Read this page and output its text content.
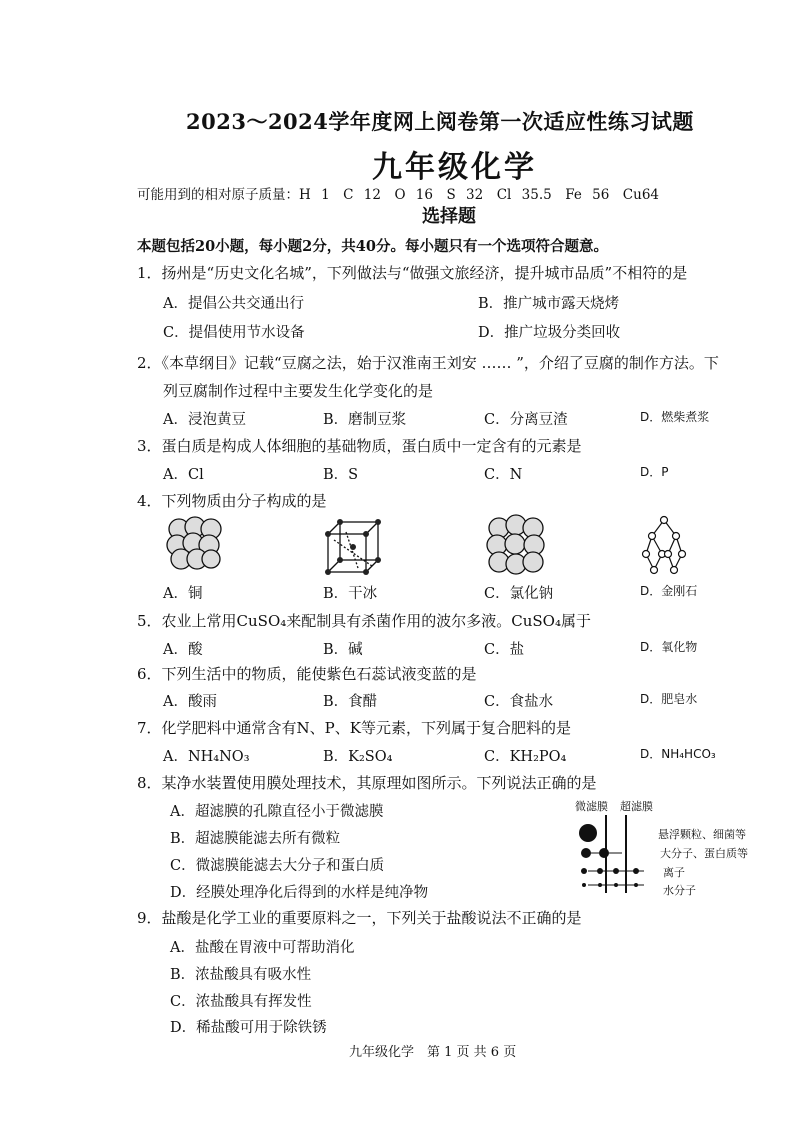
2023～2024学年度网上阅卷第一次适应性练习试题
九年级化学
可能用到的相对原子质量：H 1　C 12　O 16　S 32　Cl 35.5　Fe 56　Cu64
选择题
本题包括20小题，每小题2分，共40分。每小题只有一个选项符合题意。
1．扬州是“历史文化名城”，下列做法与“做强文旅经济，提升城市品质”不相符的是
A．提倡公共交通出行	B．推广城市露天烧烤
C．提倡使用节水设备	D．推广垃圾分类回收
2．《本草纲目》记载“豆腐之法，始于汉淮南王刘安 …… ”，介绍了豆腐的制作方法。下
列豆腐制作过程中主要发生化学变化的是
A．浸泡黄豆	B．磨制豆浆	C．分离豆渣	D．燃柴煮浆
3．蛋白质是构成人体细胞的基础物质，蛋白质中一定含有的元素是
A．Cl	B．S	C．N	D．P
4．下列物质由分子构成的是
A．铜	B．干冰	C．氯化钠	D．金刚石
5．农业上常用CuSO₄来配制具有杀菌作用的波尔多液。CuSO₄属于
A．酸	B．碱	C．盐	D．氧化物
6．下列生活中的物质，能使紫色石蕊试液变蓝的是
A．酸雨	B．食醋	C．食盐水	D．肥皂水
7．化学肥料中通常含有N、P、K等元素，下列属于复合肥料的是
A．NH₄NO₃	B．K₂SO₄	C．KH₂PO₄	D．NH₄HCO₃
8．某净水装置使用膜处理技术，其原理如图所示。下列说法正确的是
A．超滤膜的孔隙直径小于微滤膜
B．超滤膜能滤去所有微粒
C．微滤膜能滤去大分子和蛋白质
D．经膜处理净化后得到的水样是纯净物
微滤膜 超滤膜
悬浮颗粒、细菌等
大分子、蛋白质等
离子
水分子
9．盐酸是化学工业的重要原料之一，下列关于盐酸说法不正确的是
A．盐酸在胃液中可帮助消化
B．浓盐酸具有吸水性
C．浓盐酸具有挥发性
D．稀盐酸可用于除铁锈
九年级化学　第 1 页 共 6 页
